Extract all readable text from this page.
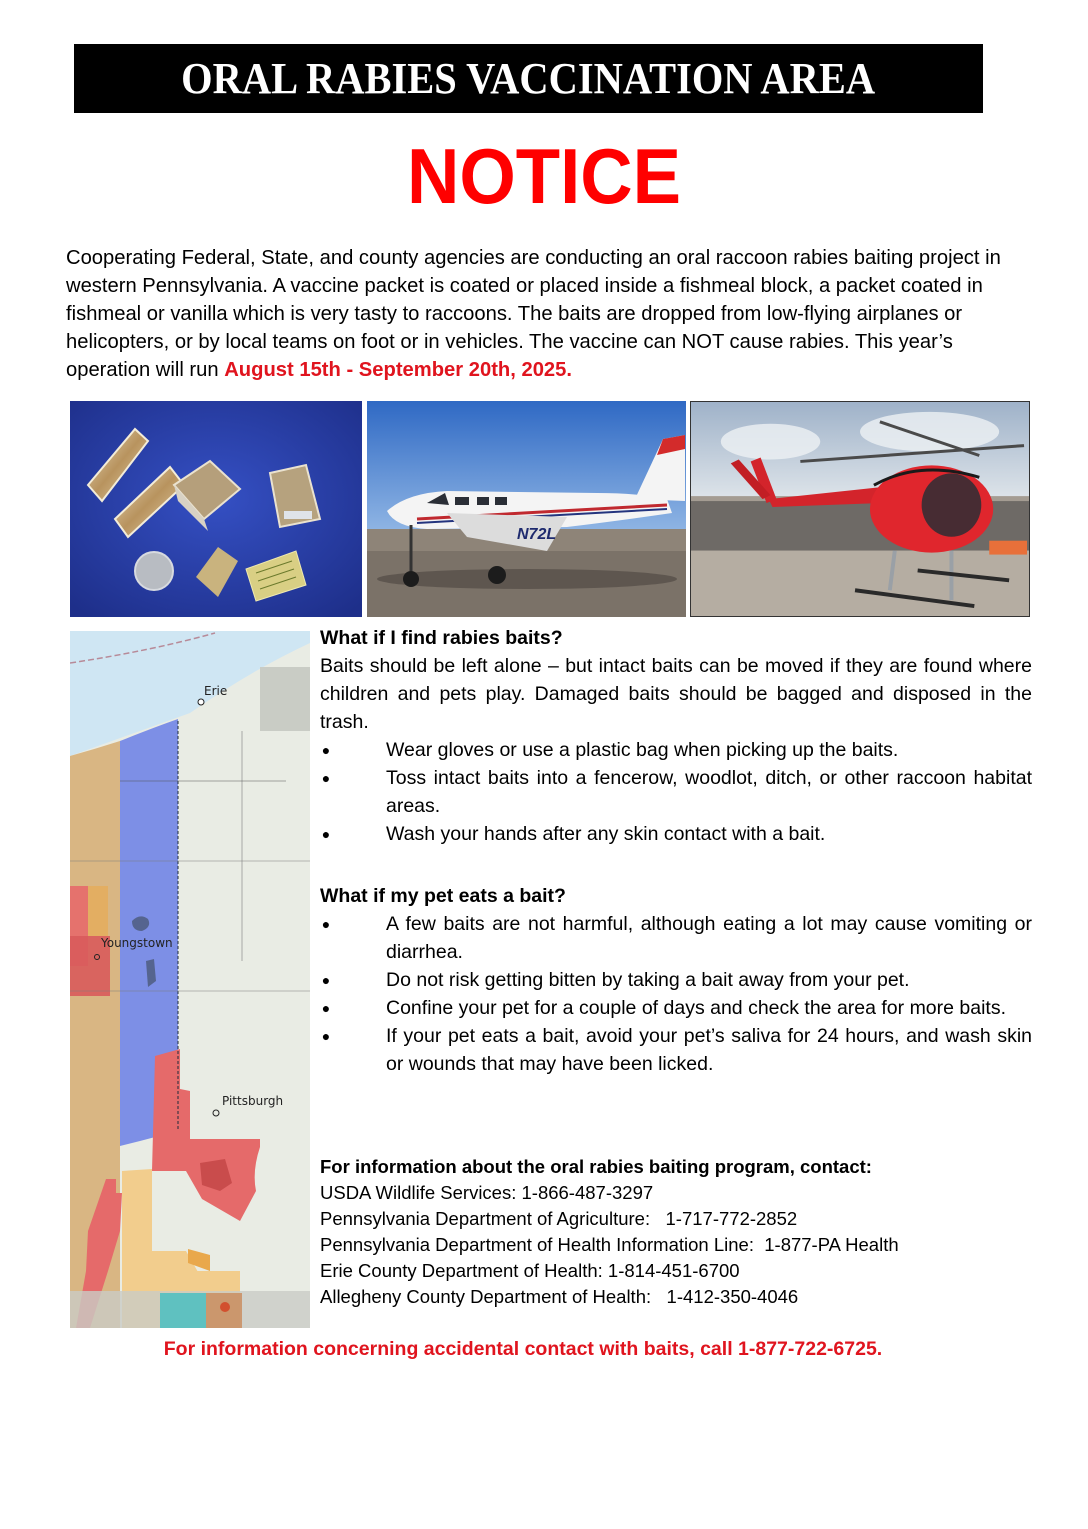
ORAL RABIES VACCINATION AREA
NOTICE
Cooperating Federal, State, and county agencies are conducting an oral raccoon rabies baiting project in western Pennsylvania. A vaccine packet is coated or placed inside a fishmeal block, a packet coated in fishmeal or vanilla which is very tasty to raccoons. The baits are dropped from low-flying airplanes or helicopters, or by local teams on foot or in vehicles. The vaccine can NOT cause rabies. This year’s operation will run August 15th - September 20th, 2025.
N72L
Erie
Youngstown
Pittsburgh
What if I find rabies baits?

Baits should be left alone – but intact baits can be moved if they are found where children and pets play. Damaged baits should be bagged and disposed in the trash.

●	Wear gloves or use a plastic bag when picking up the baits.
●	Toss intact baits into a fencerow, woodlot, ditch, or other raccoon habitat areas.
●	Wash your hands after any skin contact with a bait.
What if my pet eats a bait?
●	A few baits are not harmful, although eating a lot may cause vomiting or diarrhea.
●	Do not risk getting bitten by taking a bait away from your pet.
●	Confine your pet for a couple of days and check the area for more baits.
●	If your pet eats a bait, avoid your pet’s saliva for 24 hours, and wash skin or wounds that may have been licked.
For information about the oral rabies baiting program, contact:
USDA Wildlife Services: 1-866-487-3297
Pennsylvania Department of Agriculture:   1-717-772-2852
Pennsylvania Department of Health Information Line:  1-877-PA Health
Erie County Department of Health: 1-814-451-6700
Allegheny County Department of Health:   1-412-350-4046
For information concerning accidental contact with baits, call 1-877-722-6725.
